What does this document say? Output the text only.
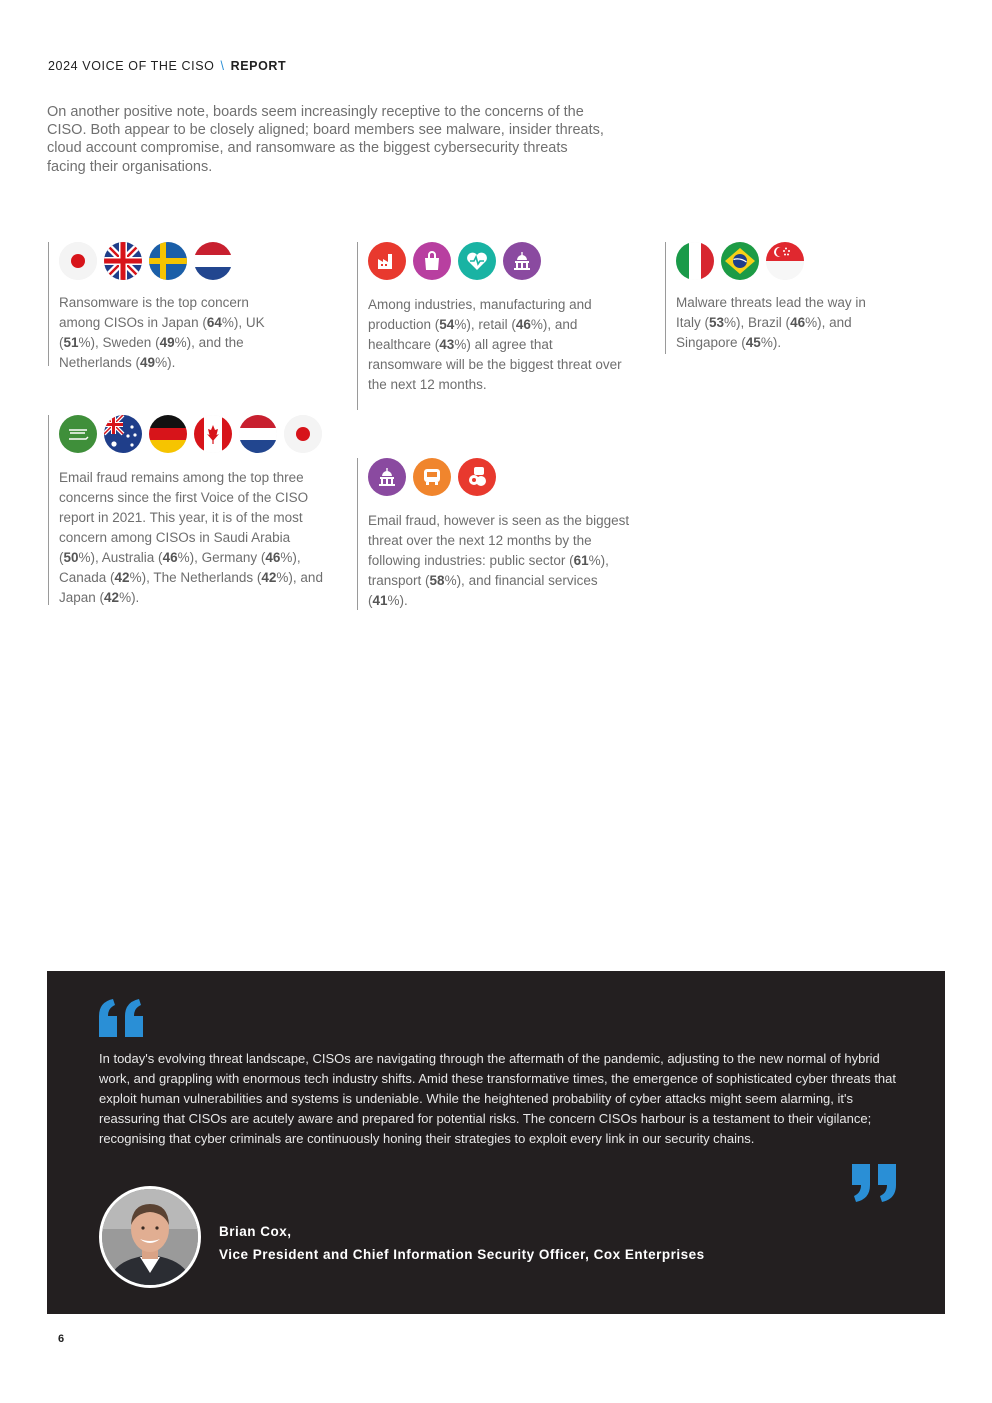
2024 VOICE OF THE CISO \ REPORT
On another positive note, boards seem increasingly receptive to the concerns of the CISO. Both appear to be closely aligned; board members see malware, insider threats, cloud account compromise, and ransomware as the biggest cybersecurity threats facing their organisations.
Ransomware is the top concern among CISOs in Japan (64%), UK (51%), Sweden (49%), and the Netherlands (49%).
Among industries, manufacturing and production (54%), retail (46%), and healthcare (43%) all agree that ransomware will be the biggest threat over the next 12 months.
Malware threats lead the way in Italy (53%), Brazil (46%), and Singapore (45%).
Email fraud remains among the top three concerns since the first Voice of the CISO report in 2021. This year, it is of the most concern among CISOs in Saudi Arabia (50%), Australia (46%), Germany (46%), Canada (42%), The Netherlands (42%), and Japan (42%).
Email fraud, however is seen as the biggest threat over the next 12 months by the following industries: public sector (61%), transport (58%), and financial services (41%).
In today's evolving threat landscape, CISOs are navigating through the aftermath of the pandemic, adjusting to the new normal of hybrid work, and grappling with enormous tech industry shifts. Amid these transformative times, the emergence of sophisticated cyber threats that exploit human vulnerabilities and systems is undeniable. While the heightened probability of cyber attacks might seem alarming, it's reassuring that CISOs are acutely aware and prepared for potential risks. The concern CISOs harbour is a testament to their vigilance; recognising that cyber criminals are continuously honing their strategies to exploit every link in our security chains.
Brian Cox,
Vice President and Chief Information Security Officer, Cox Enterprises
6
